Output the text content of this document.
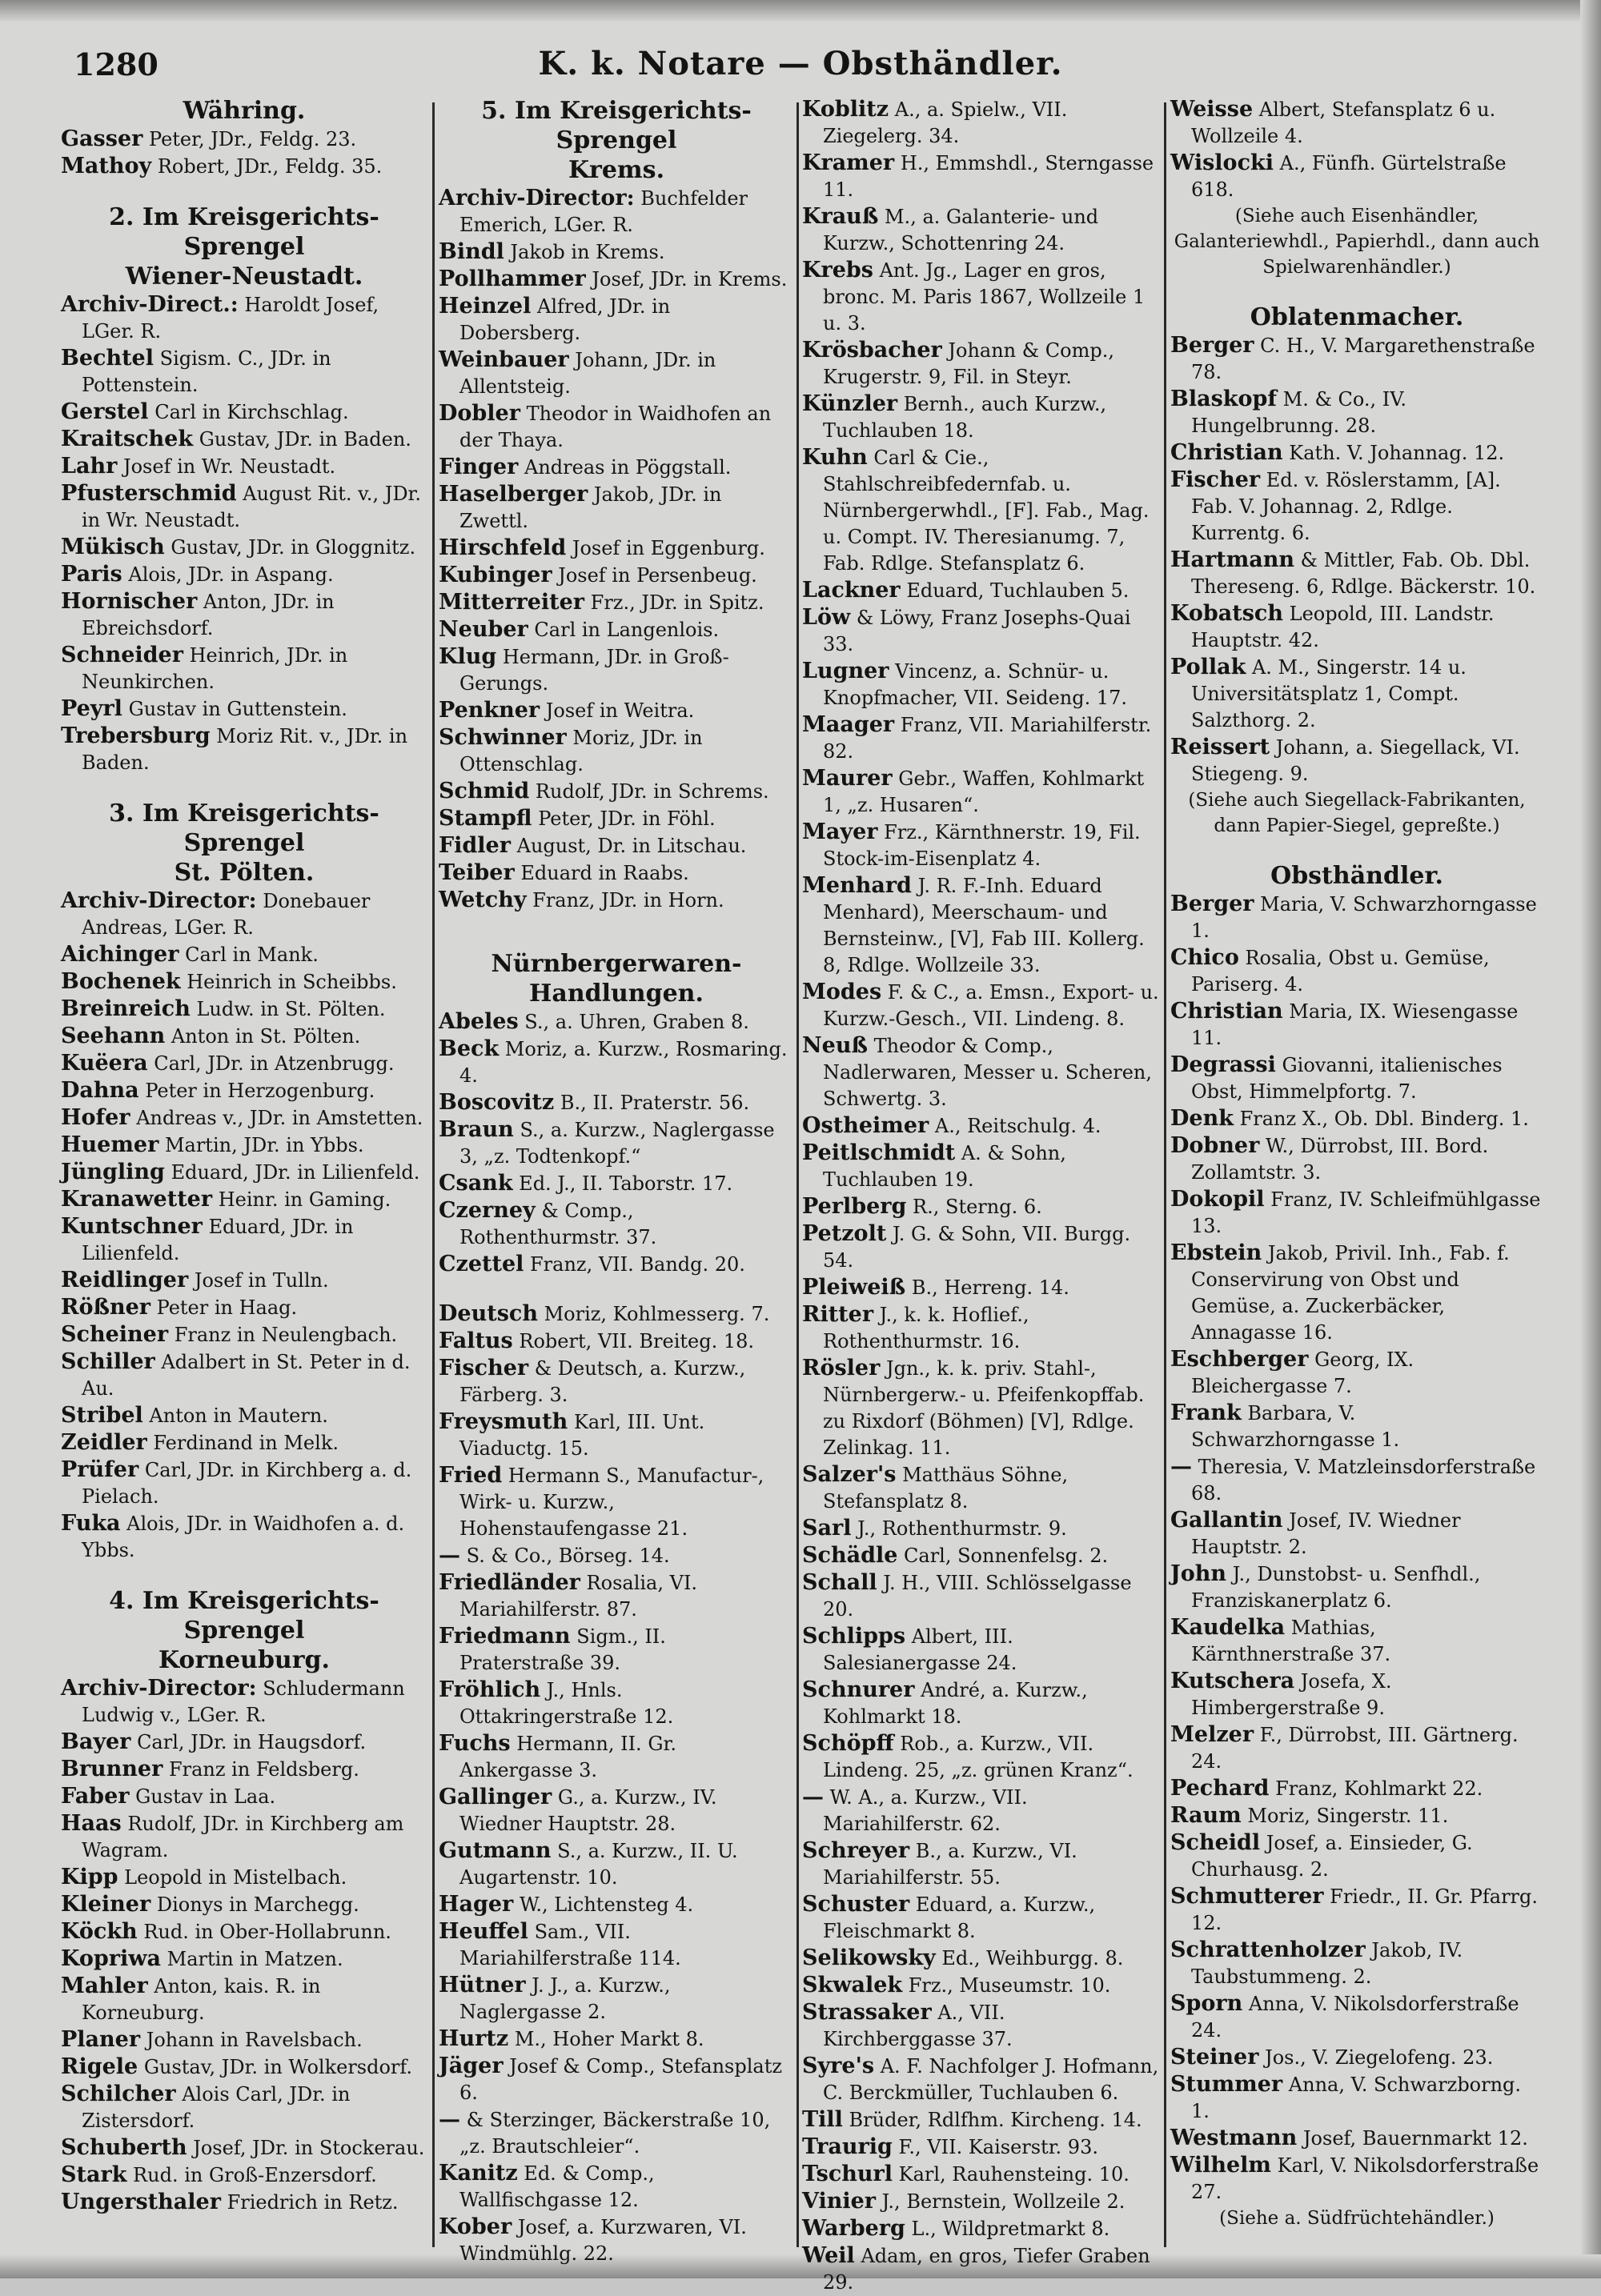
1280	K. k. Notare — Obsthändler.

Währing.

Gasser Peter, JDr., Feldg. 23.

Mathoy Robert, JDr., Feldg. 35.

2. Im Kreisgerichts-Sprengel

Wiener-Neustadt.

Archiv-Direct.: Haroldt Josef, LGer. R.

Bechtel Sigism. C., JDr. in Pottenstein.

Gerstel Carl in Kirchschlag.

Kraitschek Gustav, JDr. in Baden.

Lahr Josef in Wr. Neustadt.

Pfusterschmid August Rit. v., JDr. in Wr. Neustadt.

Mükisch Gustav, JDr. in Gloggnitz.

Paris Alois, JDr. in Aspang.

Hornischer Anton, JDr. in Ebreichsdorf.

Schneider Heinrich, JDr. in Neunkirchen.

Peyrl Gustav in Guttenstein.

Trebersburg Moriz Rit. v., JDr. in Baden.

3. Im Kreisgerichts-Sprengel

St. Pölten.

Archiv-Director: Donebauer Andreas, LGer. R.

Aichinger Carl in Mank.

Bochenek Heinrich in Scheibbs.

Breinreich Ludw. in St. Pölten.

Seehann Anton in St. Pölten.

Kuëera Carl, JDr. in Atzenbrugg.

Dahna Peter in Herzogenburg.

Hofer Andreas v., JDr. in Amstetten.

Huemer Martin, JDr. in Ybbs.

Jüngling Eduard, JDr. in Lilienfeld.

Kranawetter Heinr. in Gaming.

Kuntschner Eduard, JDr. in Lilienfeld.

Reidlinger Josef in Tulln.

Rößner Peter in Haag.

Scheiner Franz in Neulengbach.

Schiller Adalbert in St. Peter in d. Au.

Stribel Anton in Mautern.

Zeidler Ferdinand in Melk.

Prüfer Carl, JDr. in Kirchberg a. d. Pielach.

Fuka Alois, JDr. in Waidhofen a. d. Ybbs.

4. Im Kreisgerichts-Sprengel

Korneuburg.

Archiv-Director: Schludermann Ludwig v., LGer. R.

Bayer Carl, JDr. in Haugsdorf.

Brunner Franz in Feldsberg.

Faber Gustav in Laa.

Haas Rudolf, JDr. in Kirchberg am Wagram.

Kipp Leopold in Mistelbach.

Kleiner Dionys in Marchegg.

Köckh Rud. in Ober-Hollabrunn.

Kopriwa Martin in Matzen.

Mahler Anton, kais. R. in Korneuburg.

Planer Johann in Ravelsbach.

Rigele Gustav, JDr. in Wolkersdorf.

Schilcher Alois Carl, JDr. in Zistersdorf.

Schuberth Josef, JDr. in Stockerau.

Stark Rud. in Groß-Enzersdorf.

Ungersthaler Friedrich in Retz.

5. Im Kreisgerichts-Sprengel

Krems.

Archiv-Director: Buchfelder Emerich, LGer. R.

Bindl Jakob in Krems.

Pollhammer Josef, JDr. in Krems.

Heinzel Alfred, JDr. in Dobersberg.

Weinbauer Johann, JDr. in Allentsteig.

Dobler Theodor in Waidhofen an der Thaya.

Finger Andreas in Pöggstall.

Haselberger Jakob, JDr. in Zwettl.

Hirschfeld Josef in Eggenburg.

Kubinger Josef in Persenbeug.

Mitterreiter Frz., JDr. in Spitz.

Neuber Carl in Langenlois.

Klug Hermann, JDr. in Groß-Gerungs.

Penkner Josef in Weitra.

Schwinner Moriz, JDr. in Ottenschlag.

Schmid Rudolf, JDr. in Schrems.

Stampfl Peter, JDr. in Föhl.

Fidler August, Dr. in Litschau.

Teiber Eduard in Raabs.

Wetchy Franz, JDr. in Horn.

Nürnbergerwaren-

Handlungen.

Abeles S., a. Uhren, Graben 8.

Beck Moriz, a. Kurzw., Rosmaring. 4.

Boscovitz B., II. Praterstr. 56.

Braun S., a. Kurzw., Naglergasse 3, „z. Todtenkopf.“

Csank Ed. J., II. Taborstr. 17.

Czerney & Comp., Rothenthurmstr. 37.

Czettel Franz, VII. Bandg. 20.

Deutsch Moriz, Kohlmesserg. 7.

Faltus Robert, VII. Breiteg. 18.

Fischer & Deutsch, a. Kurzw., Färberg. 3.

Freysmuth Karl, III. Unt. Viaductg. 15.

Fried Hermann S., Manufactur-, Wirk- u. Kurzw., Hohenstaufengasse 21.

— S. & Co., Börseg. 14.

Friedländer Rosalia, VI. Mariahilferstr. 87.

Friedmann Sigm., II. Praterstraße 39.

Fröhlich J., Hnls. Ottakringerstraße 12.

Fuchs Hermann, II. Gr. Ankergasse 3.

Gallinger G., a. Kurzw., IV. Wiedner Hauptstr. 28.

Gutmann S., a. Kurzw., II. U. Augartenstr. 10.

Hager W., Lichtensteg 4.

Heuffel Sam., VII. Mariahilferstraße 114.

Hütner J. J., a. Kurzw., Naglergasse 2.

Hurtz M., Hoher Markt 8.

Jäger Josef & Comp., Stefansplatz 6.

— & Sterzinger, Bäckerstraße 10, „z. Brautschleier“.

Kanitz Ed. & Comp., Wallfischgasse 12.

Kober Josef, a. Kurzwaren, VI. Windmühlg. 22.

Koblitz A., a. Spielw., VII. Ziegelerg. 34.

Kramer H., Emmshdl., Sterngasse 11.

Krauß M., a. Galanterie- und Kurzw., Schottenring 24.

Krebs Ant. Jg., Lager en gros, bronc. M. Paris 1867, Wollzeile 1 u. 3.

Krösbacher Johann & Comp., Krugerstr. 9, Fil. in Steyr.

Künzler Bernh., auch Kurzw., Tuchlauben 18.

Kuhn Carl & Cie., Stahlschreibfedernfab. u. Nürnbergerwhdl., [F]. Fab., Mag. u. Compt. IV. Theresianumg. 7, Fab. Rdlge. Stefansplatz 6.

Lackner Eduard, Tuchlauben 5.

Löw & Löwy, Franz Josephs-Quai 33.

Lugner Vincenz, a. Schnür- u. Knopfmacher, VII. Seideng. 17.

Maager Franz, VII. Mariahilferstr. 82.

Maurer Gebr., Waffen, Kohlmarkt 1, „z. Husaren“.

Mayer Frz., Kärnthnerstr. 19, Fil. Stock-im-Eisenplatz 4.

Menhard J. R. F.-Inh. Eduard Menhard), Meerschaum- und Bernsteinw., [V], Fab III. Kollerg. 8, Rdlge. Wollzeile 33.

Modes F. & C., a. Emsn., Export- u. Kurzw.-Gesch., VII. Lindeng. 8.

Neuß Theodor & Comp., Nadlerwaren, Messer u. Scheren, Schwertg. 3.

Ostheimer A., Reitschulg. 4.

Peitlschmidt A. & Sohn, Tuchlauben 19.

Perlberg R., Sterng. 6.

Petzolt J. G. & Sohn, VII. Burgg. 54.

Pleiweiß B., Herreng. 14.

Ritter J., k. k. Hoflief., Rothenthurmstr. 16.

Rösler Jgn., k. k. priv. Stahl-, Nürnbergerw.- u. Pfeifenkopffab. zu Rixdorf (Böhmen) [V], Rdlge. Zelinkag. 11.

Salzer's Matthäus Söhne, Stefansplatz 8.

Sarl J., Rothenthurmstr. 9.

Schädle Carl, Sonnenfelsg. 2.

Schall J. H., VIII. Schlösselgasse 20.

Schlipps Albert, III. Salesianergasse 24.

Schnurer André, a. Kurzw., Kohlmarkt 18.

Schöpff Rob., a. Kurzw., VII. Lindeng. 25, „z. grünen Kranz“.

— W. A., a. Kurzw., VII. Mariahilferstr. 62.

Schreyer B., a. Kurzw., VI. Mariahilferstr. 55.

Schuster Eduard, a. Kurzw., Fleischmarkt 8.

Selikowsky Ed., Weihburgg. 8.

Skwalek Frz., Museumstr. 10.

Strassaker A., VII. Kirchberggasse 37.

Syre's A. F. Nachfolger J. Hofmann, C. Berckmüller, Tuchlauben 6.

Till Brüder, Rdlfhm. Kircheng. 14.

Traurig F., VII. Kaiserstr. 93.

Tschurl Karl, Rauhensteing. 10.

Vinier J., Bernstein, Wollzeile 2.

Warberg L., Wildpretmarkt 8.

Weil Adam, en gros, Tiefer Graben 29.

Weisse Albert, Stefansplatz 6 u. Wollzeile 4.

Wislocki A., Fünfh. Gürtelstraße 618.

(Siehe auch Eisenhändler, Galanteriewhdl., Papierhdl., dann auch Spielwarenhändler.)

Oblatenmacher.

Berger C. H., V. Margarethenstraße 78.

Blaskopf M. & Co., IV. Hungelbrunng. 28.

Christian Kath. V. Johannag. 12.

Fischer Ed. v. Röslerstamm, [A]. Fab. V. Johannag. 2, Rdlge. Kurrentg. 6.

Hartmann & Mittler, Fab. Ob. Dbl. Thereseng. 6, Rdlge. Bäckerstr. 10.

Kobatsch Leopold, III. Landstr. Hauptstr. 42.

Pollak A. M., Singerstr. 14 u. Universitätsplatz 1, Compt. Salzthorg. 2.

Reissert Johann, a. Siegellack, VI. Stiegeng. 9.

(Siehe auch Siegellack-Fabrikanten, dann Papier-Siegel, gepreßte.)

Obsthändler.

Berger Maria, V. Schwarzhorngasse 1.

Chico Rosalia, Obst u. Gemüse, Pariserg. 4.

Christian Maria, IX. Wiesengasse 11.

Degrassi Giovanni, italienisches Obst, Himmelpfortg. 7.

Denk Franz X., Ob. Dbl. Binderg. 1.

Dobner W., Dürrobst, III. Bord. Zollamtstr. 3.

Dokopil Franz, IV. Schleifmühlgasse 13.

Ebstein Jakob, Privil. Inh., Fab. f. Conservirung von Obst und Gemüse, a. Zuckerbäcker, Annagasse 16.

Eschberger Georg, IX. Bleichergasse 7.

Frank Barbara, V. Schwarzhorngasse 1.

— Theresia, V. Matzleinsdorferstraße 68.

Gallantin Josef, IV. Wiedner Hauptstr. 2.

John J., Dunstobst- u. Senfhdl., Franziskanerplatz 6.

Kaudelka Mathias, Kärnthnerstraße 37.

Kutschera Josefa, X. Himbergerstraße 9.

Melzer F., Dürrobst, III. Gärtnerg. 24.

Pechard Franz, Kohlmarkt 22.

Raum Moriz, Singerstr. 11.

Scheidl Josef, a. Einsieder, G. Churhausg. 2.

Schmutterer Friedr., II. Gr. Pfarrg. 12.

Schrattenholzer Jakob, IV. Taubstummeng. 2.

Sporn Anna, V. Nikolsdorferstraße 24.

Steiner Jos., V. Ziegelofeng. 23.

Stummer Anna, V. Schwarzborng. 1.

Westmann Josef, Bauernmarkt 12.

Wilhelm Karl, V. Nikolsdorferstraße 27.

(Siehe a. Südfrüchtehändler.)
